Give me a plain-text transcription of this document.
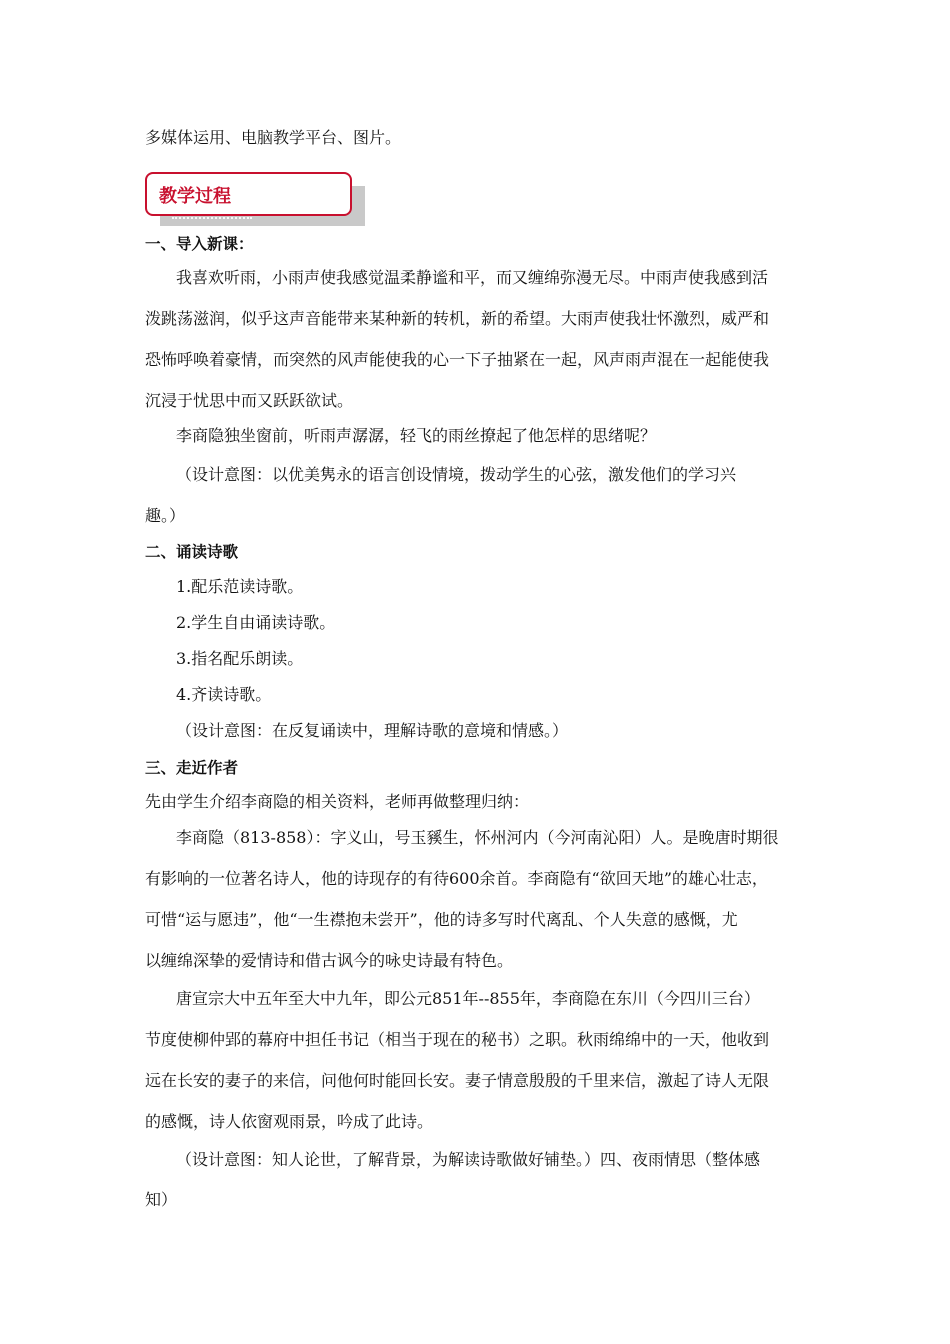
多媒体运用、电脑教学平台、图片。
教学过程
一、导入新课：
我喜欢听雨，小雨声使我感觉温柔静谧和平，而又缠绵弥漫无尽。中雨声使我感到活
泼跳荡滋润，似乎这声音能带来某种新的转机，新的希望。大雨声使我壮怀激烈，威严和
恐怖呼唤着豪情，而突然的风声能使我的心一下子抽紧在一起，风声雨声混在一起能使我
沉浸于忧思中而又跃跃欲试。
李商隐独坐窗前，听雨声潺潺，轻飞的雨丝撩起了他怎样的思绪呢？
（设计意图：以优美隽永的语言创设情境，拨动学生的心弦，激发他们的学习兴
趣。）
二、诵读诗歌
1.配乐范读诗歌。
2.学生自由诵读诗歌。
3.指名配乐朗读。
4.齐读诗歌。
（设计意图：在反复诵读中，理解诗歌的意境和情感。）
三、走近作者
先由学生介绍李商隐的相关资料，老师再做整理归纳：
李商隐（813-858）：字义山，号玉豯生，怀州河内（今河南沁阳）人。是晚唐时期很
有影响的一位著名诗人，他的诗现存的有待600余首。李商隐有“欲回天地”的雄心壮志，
可惜“运与愿违”，他“一生襟抱未尝开”，他的诗多写时代离乱、个人失意的感慨，尤
以缠绵深挚的爱情诗和借古讽今的咏史诗最有特色。
唐宣宗大中五年至大中九年，即公元851年--855年，李商隐在东川（今四川三台）
节度使柳仲郢的幕府中担任书记（相当于现在的秘书）之职。秋雨绵绵中的一天，他收到
远在长安的妻子的来信，问他何时能回长安。妻子情意殷殷的千里来信，激起了诗人无限
的感慨，诗人依窗观雨景，吟成了此诗。
（设计意图：知人论世，了解背景，为解读诗歌做好铺垫。）四、夜雨情思（整体感
知）
